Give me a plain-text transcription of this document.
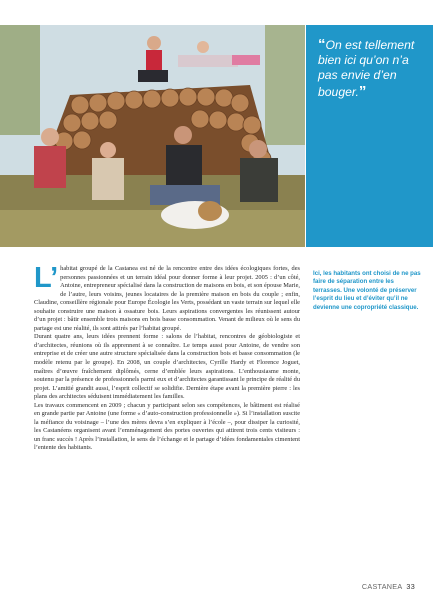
“On est tellement bien ici qu’on n’a pas envie d’en bouger.”
L’ habitat groupé de la Castanea est né de la rencontre entre des idées écologiques fortes, des personnes passionnées et un terrain idéal pour donner forme à leur projet. 2005 : d’un côté, Antoine, entrepreneur spécialisé dans la construction de maisons en bois, et son épouse Marie, de l’autre, leurs voisins, jeunes locataires de la première maison en bois du couple ; enfin, Claudine, conseillère régionale pour Europe Écologie les Verts, possédant un vaste terrain sur lequel elle souhaite construire une maison à ossature bois. Leurs aspirations convergentes les réunissent autour d’un projet : bâtir ensemble trois maisons en bois basse consommation. Venant de milieux où le sens du partage est une réalité, ils sont attirés par l’habitat groupé.

Durant quatre ans, leurs idées prennent forme : salons de l’habitat, rencontres de géobiologiste et d’architectes, réunions où ils apprennent à se connaître. Le temps aussi pour Antoine, de vendre son entreprise et de créer une autre structure spécialisée dans la construction bois et basse consommation (le modèle retenu par le groupe). En 2008, un couple d’architectes, Cyrille Hardy et Florence Joguet, maîtres d’œuvre fraîchement diplômés, cerne d’emblée leurs aspirations. L’enthousiasme monte, soutenu par la présence de professionnels parmi eux et d’architectes garantissant le principe de réalité du projet. L’amitié grandit aussi, l’esprit collectif se solidifie. Dernière étape avant la première pierre : les plans des architectes séduisent immédiatement les familles.

Les travaux commencent en 2009 ; chacun y participant selon ses compétences, le bâtiment est réalisé en grande partie par Antoine (une forme « d’auto-construction professionnelle »). Si l’installation suscite la méfiance du voisinage – l’une des mères devra s’en expliquer à l’école –, pour dissiper la curiosité, les Castanéens organisent avant l’emménagement des portes ouvertes qui attirent trois cents visiteurs : un franc succès ! Après l’installation, le sens de l’échange et le partage d’idées fondamentales cimentent l’entente des habitants.

Ici, les habitants ont choisi de ne pas faire de séparation entre les terrasses. Une volonté de préserver l’esprit du lieu et d’éviter qu’il ne devienne une copropriété classique.
CASTANEA 33
